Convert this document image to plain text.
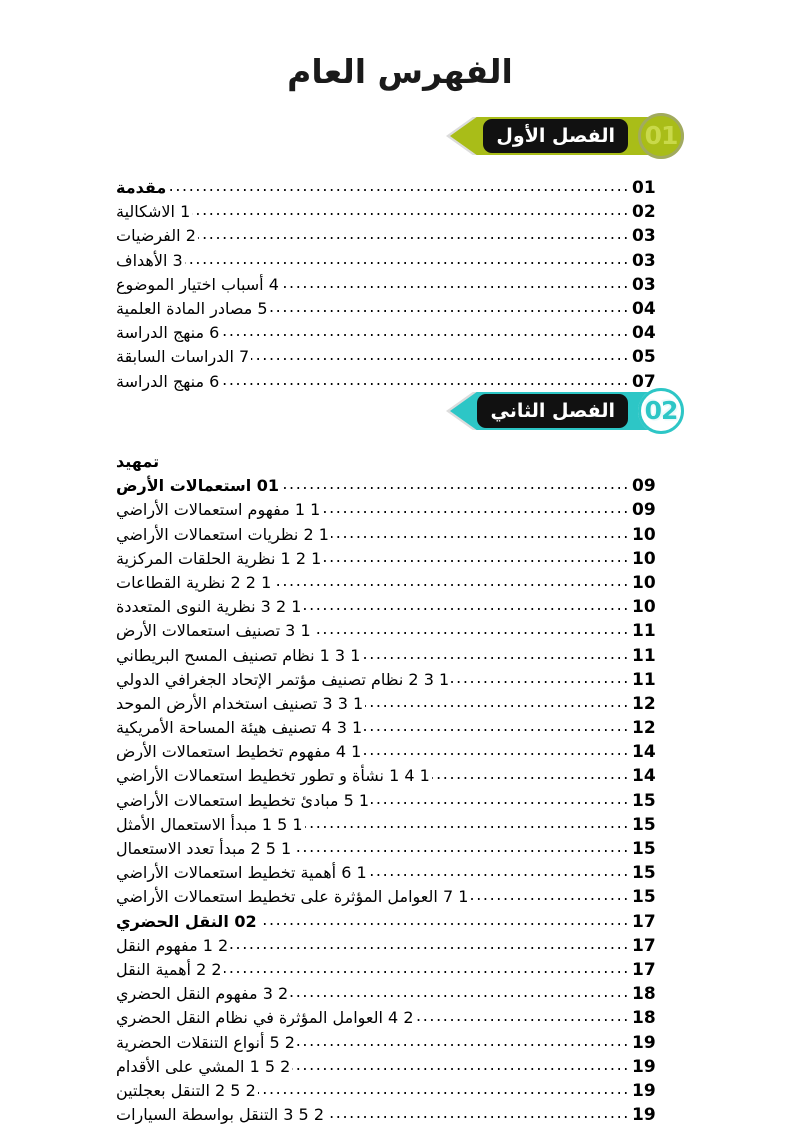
الفهرس العام
01
الفصل الأول
مقدمة .....	01
1 الاشكالية .....	02
2 الفرضيات .....	03
3 الأهداف .....	03
4 أسباب اختيار الموضوع .....	03
5 مصادر المادة العلمية .....	04
6 منهج الدراسة .....	04
7 الدراسات السابقة .....	05
6 منهج الدراسة .....	07
02
الفصل الثاني
تمهيد
01 استعمالات الأرض .....	09
1 1 مفهوم استعمالات الأراضي .....	09
1 2 نظريات استعمالات الأراضي .....	10
1 2 1 نظرية الحلقات المركزية .....	10
1 2 2 نظرية القطاعات .....	10
1 2 3 نظرية النوى المتعددة .....	10
1 3 تصنيف استعمالات الأرض .....	11
1 3 1 نظام تصنيف المسح البريطاني .....	11
1 3 2 نظام تصنيف مؤتمر الإتحاد الجغرافي الدولي .....	11
1 3 3 تصنيف استخدام الأرض الموحد .....	12
1 3 4 تصنيف هيئة المساحة الأمريكية .....	12
1 4 مفهوم تخطيط استعمالات الأرض .....	14
1 4 1 نشأة و تطور تخطيط استعمالات الأراضي .....	14
1 5 مبادئ تخطيط استعمالات الأراضي .....	15
1 5 1 مبدأ الاستعمال الأمثل .....	15
1 5 2 مبدأ تعدد الاستعمال .....	15
1 6 أهمية تخطيط استعمالات الأراضي .....	15
1 7 العوامل المؤثرة على تخطيط استعمالات الأراضي .....	15
02 النقل الحضري .....	17
2 1 مفهوم النقل .....	17
2 2 أهمية النقل .....	17
2 3 مفهوم النقل الحضري .....	18
2 4 العوامل المؤثرة في نظام النقل الحضري .....	18
2 5 أنواع التنقلات الحضرية .....	19
2 5 1 المشي على الأقدام .....	19
2 5 2 التنقل بعجلتين .....	19
2 5 3 التنقل بواسطة السيارات .....	19
